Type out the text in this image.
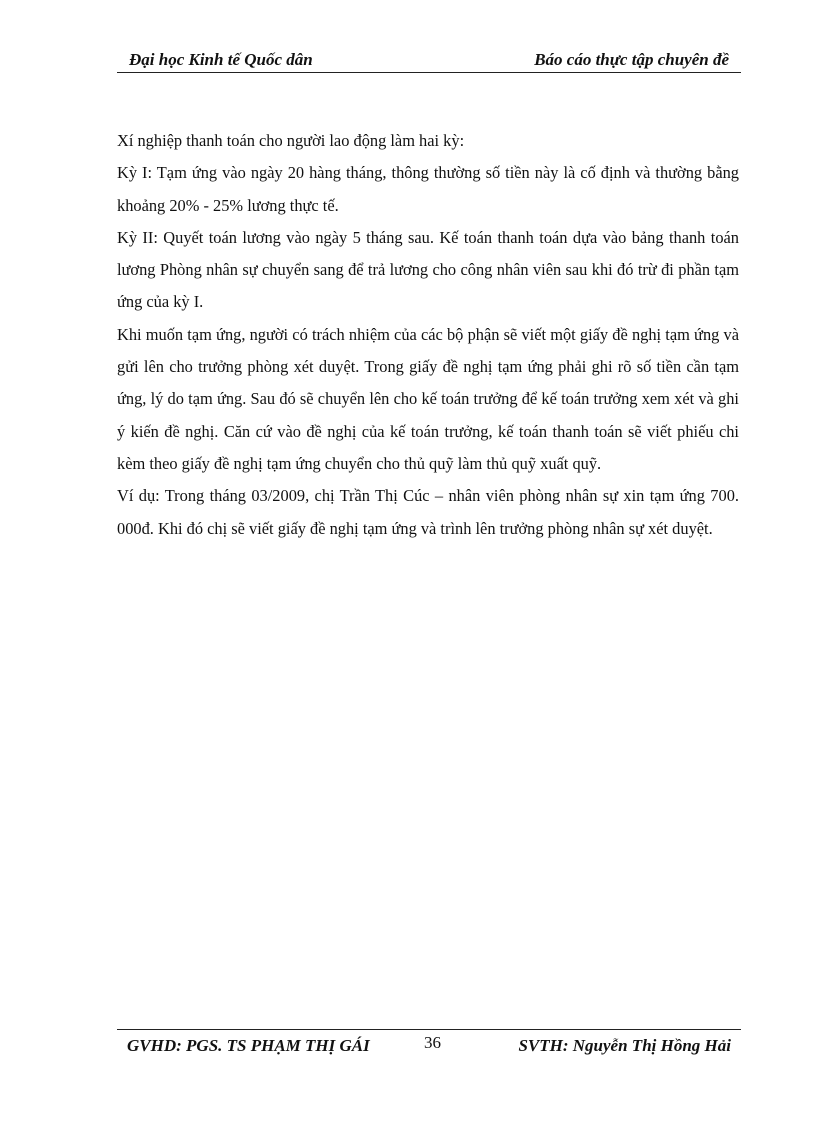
Đại học Kinh tế Quốc dân	Báo cáo thực tập chuyên đề

Xí nghiệp thanh toán cho người lao động làm hai kỳ:

Kỳ I: Tạm ứng vào ngày 20 hàng tháng, thông thường số tiền này là cố định và thường bằng khoảng 20% - 25% lương thực tế.

Kỳ II: Quyết toán lương vào ngày 5 tháng sau. Kế toán thanh toán dựa vào bảng thanh toán lương Phòng nhân sự chuyển sang để trả lương cho công nhân viên sau khi đó trừ đi phần tạm ứng của kỳ I.

Khi muốn tạm ứng, người có trách nhiệm của các bộ phận sẽ viết một giấy đề nghị tạm ứng và gửi lên cho trưởng phòng xét duyệt. Trong giấy đề nghị tạm ứng phải ghi rõ số tiền cần tạm ứng, lý do tạm ứng. Sau đó sẽ chuyển lên cho kế toán trưởng để kế toán trưởng xem xét và ghi ý kiến đề nghị. Căn cứ vào đề nghị của kế toán trưởng, kế toán thanh toán sẽ viết phiếu chi kèm theo giấy đề nghị tạm ứng chuyển cho thủ quỹ làm thủ quỹ xuất quỹ.

Ví dụ: Trong tháng 03/2009, chị Trần Thị Cúc – nhân viên phòng nhân sự xin tạm ứng 700. 000đ. Khi đó chị sẽ viết giấy đề nghị tạm ứng và trình lên trưởng phòng nhân sự xét duyệt.

GVHD: PGS. TS PHẠM THỊ GÁI	36	SVTH: Nguyễn Thị Hồng Hải
